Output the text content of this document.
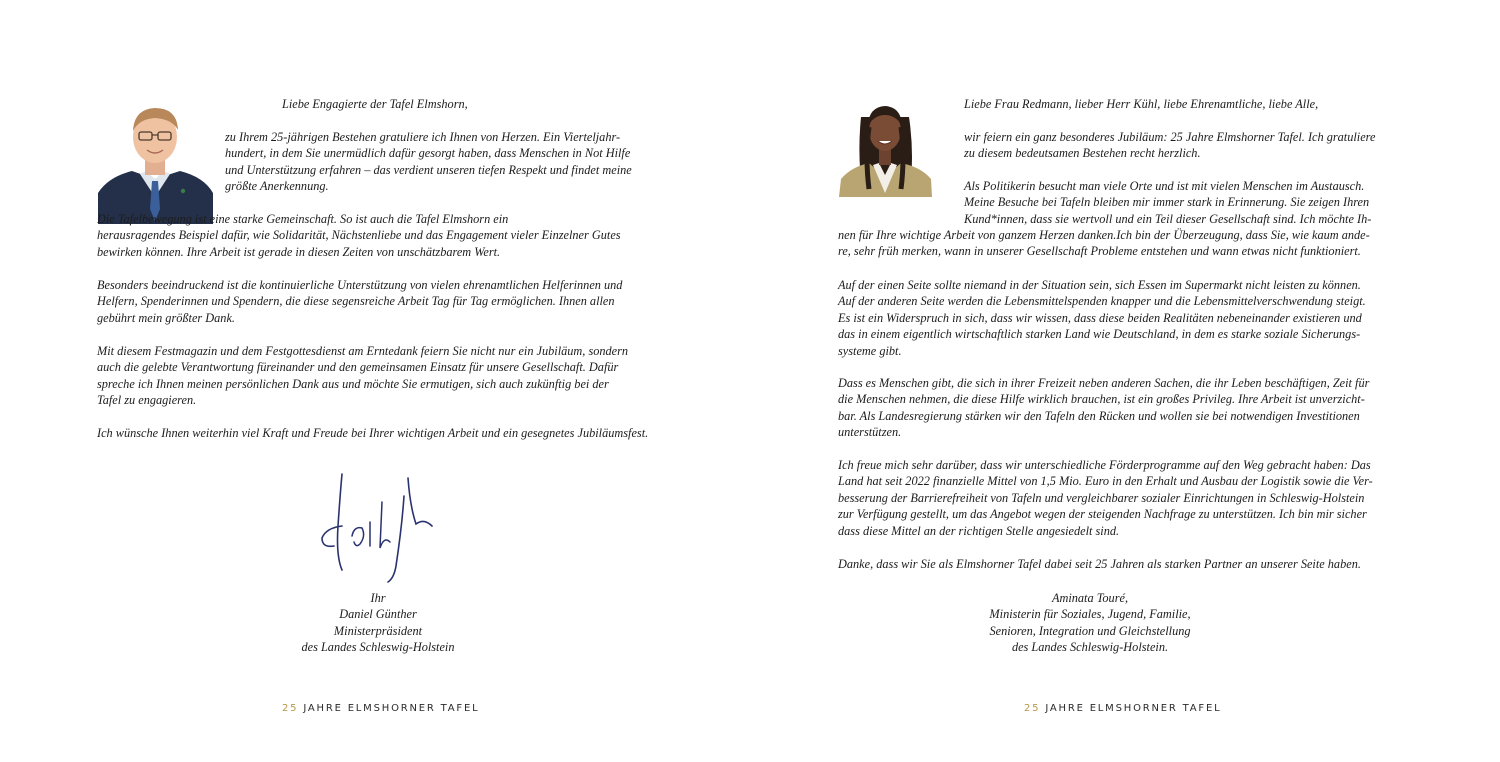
Liebe Engagierte der Tafel Elmshorn,

zu Ihrem 25-jährigen Bestehen gratuliere ich Ihnen von Herzen. Ein Vierteljahr-
hundert, in dem Sie unermüdlich dafür gesorgt haben, dass Menschen in Not Hilfe
und Unterstützung erfahren – das verdient unseren tiefen Respekt und findet meine
größte Anerkennung.

Die Tafelbewegung ist eine starke Gemeinschaft. So ist auch die Tafel Elmshorn ein
herausragendes Beispiel dafür, wie Solidarität, Nächstenliebe und das Engagement vieler Einzelner Gutes
bewirken können. Ihre Arbeit ist gerade in diesen Zeiten von unschätzbarem Wert.

Besonders beeindruckend ist die kontinuierliche Unterstützung von vielen ehrenamtlichen Helferinnen und
Helfern, Spenderinnen und Spendern, die diese segensreiche Arbeit Tag für Tag ermöglichen. Ihnen allen
gebührt mein größter Dank.

Mit diesem Festmagazin und dem Festgottesdienst am Erntedank feiern Sie nicht nur ein Jubiläum, sondern
auch die gelebte Verantwortung füreinander und den gemeinsamen Einsatz für unsere Gesellschaft. Dafür
spreche ich Ihnen meinen persönlichen Dank aus und möchte Sie ermutigen, sich auch zukünftig bei der
Tafel zu engagieren.

Ich wünsche Ihnen weiterhin viel Kraft und Freude bei Ihrer wichtigen Arbeit und ein gesegnetes Jubiläumsfest.

Ihr
Daniel Günther
Ministerpräsident
des Landes Schleswig-Holstein
25 JAHRE ELMSHORNER TAFEL

Liebe Frau Redmann, lieber Herr Kühl, liebe Ehrenamtliche, liebe Alle,

wir feiern ein ganz besonderes Jubiläum: 25 Jahre Elmshorner Tafel. Ich gratuliere
zu diesem bedeutsamen Bestehen recht herzlich.

Als Politikerin besucht man viele Orte und ist mit vielen Menschen im Austausch.
Meine Besuche bei Tafeln bleiben mir immer stark in Erinnerung. Sie zeigen Ihren
Kund*innen, dass sie wertvoll und ein Teil dieser Gesellschaft sind. Ich möchte Ih-

nen für Ihre wichtige Arbeit von ganzem Herzen danken.Ich bin der Überzeugung, dass Sie, wie kaum ande-
re, sehr früh merken, wann in unserer Gesellschaft Probleme entstehen und wann etwas nicht funktioniert.

Auf der einen Seite sollte niemand in der Situation sein, sich Essen im Supermarkt nicht leisten zu können.
Auf der anderen Seite werden die Lebensmittelspenden knapper und die Lebensmittelverschwendung steigt.
Es ist ein Widerspruch in sich, dass wir wissen, dass diese beiden Realitäten nebeneinander existieren und
das in einem eigentlich wirtschaftlich starken Land wie Deutschland, in dem es starke soziale Sicherungs-
systeme gibt.

Dass es Menschen gibt, die sich in ihrer Freizeit neben anderen Sachen, die ihr Leben beschäftigen, Zeit für
die Menschen nehmen, die diese Hilfe wirklich brauchen, ist ein großes Privileg. Ihre Arbeit ist unverzicht-
bar. Als Landesregierung stärken wir den Tafeln den Rücken und wollen sie bei notwendigen Investitionen
unterstützen.

Ich freue mich sehr darüber, dass wir unterschiedliche Förderprogramme auf den Weg gebracht haben: Das
Land hat seit 2022 finanzielle Mittel von 1,5 Mio. Euro in den Erhalt und Ausbau der Logistik sowie die Ver-
besserung der Barrierefreiheit von Tafeln und vergleichbarer sozialer Einrichtungen in Schleswig-Holstein
zur Verfügung gestellt, um das Angebot wegen der steigenden Nachfrage zu unterstützen. Ich bin mir sicher
dass diese Mittel an der richtigen Stelle angesiedelt sind.

Danke, dass wir Sie als Elmshorner Tafel dabei seit 25 Jahren als starken Partner an unserer Seite haben.

Aminata Touré,
Ministerin für Soziales, Jugend, Familie,
Senioren, Integration und Gleichstellung
des Landes Schleswig-Holstein.
25 JAHRE ELMSHORNER TAFEL
